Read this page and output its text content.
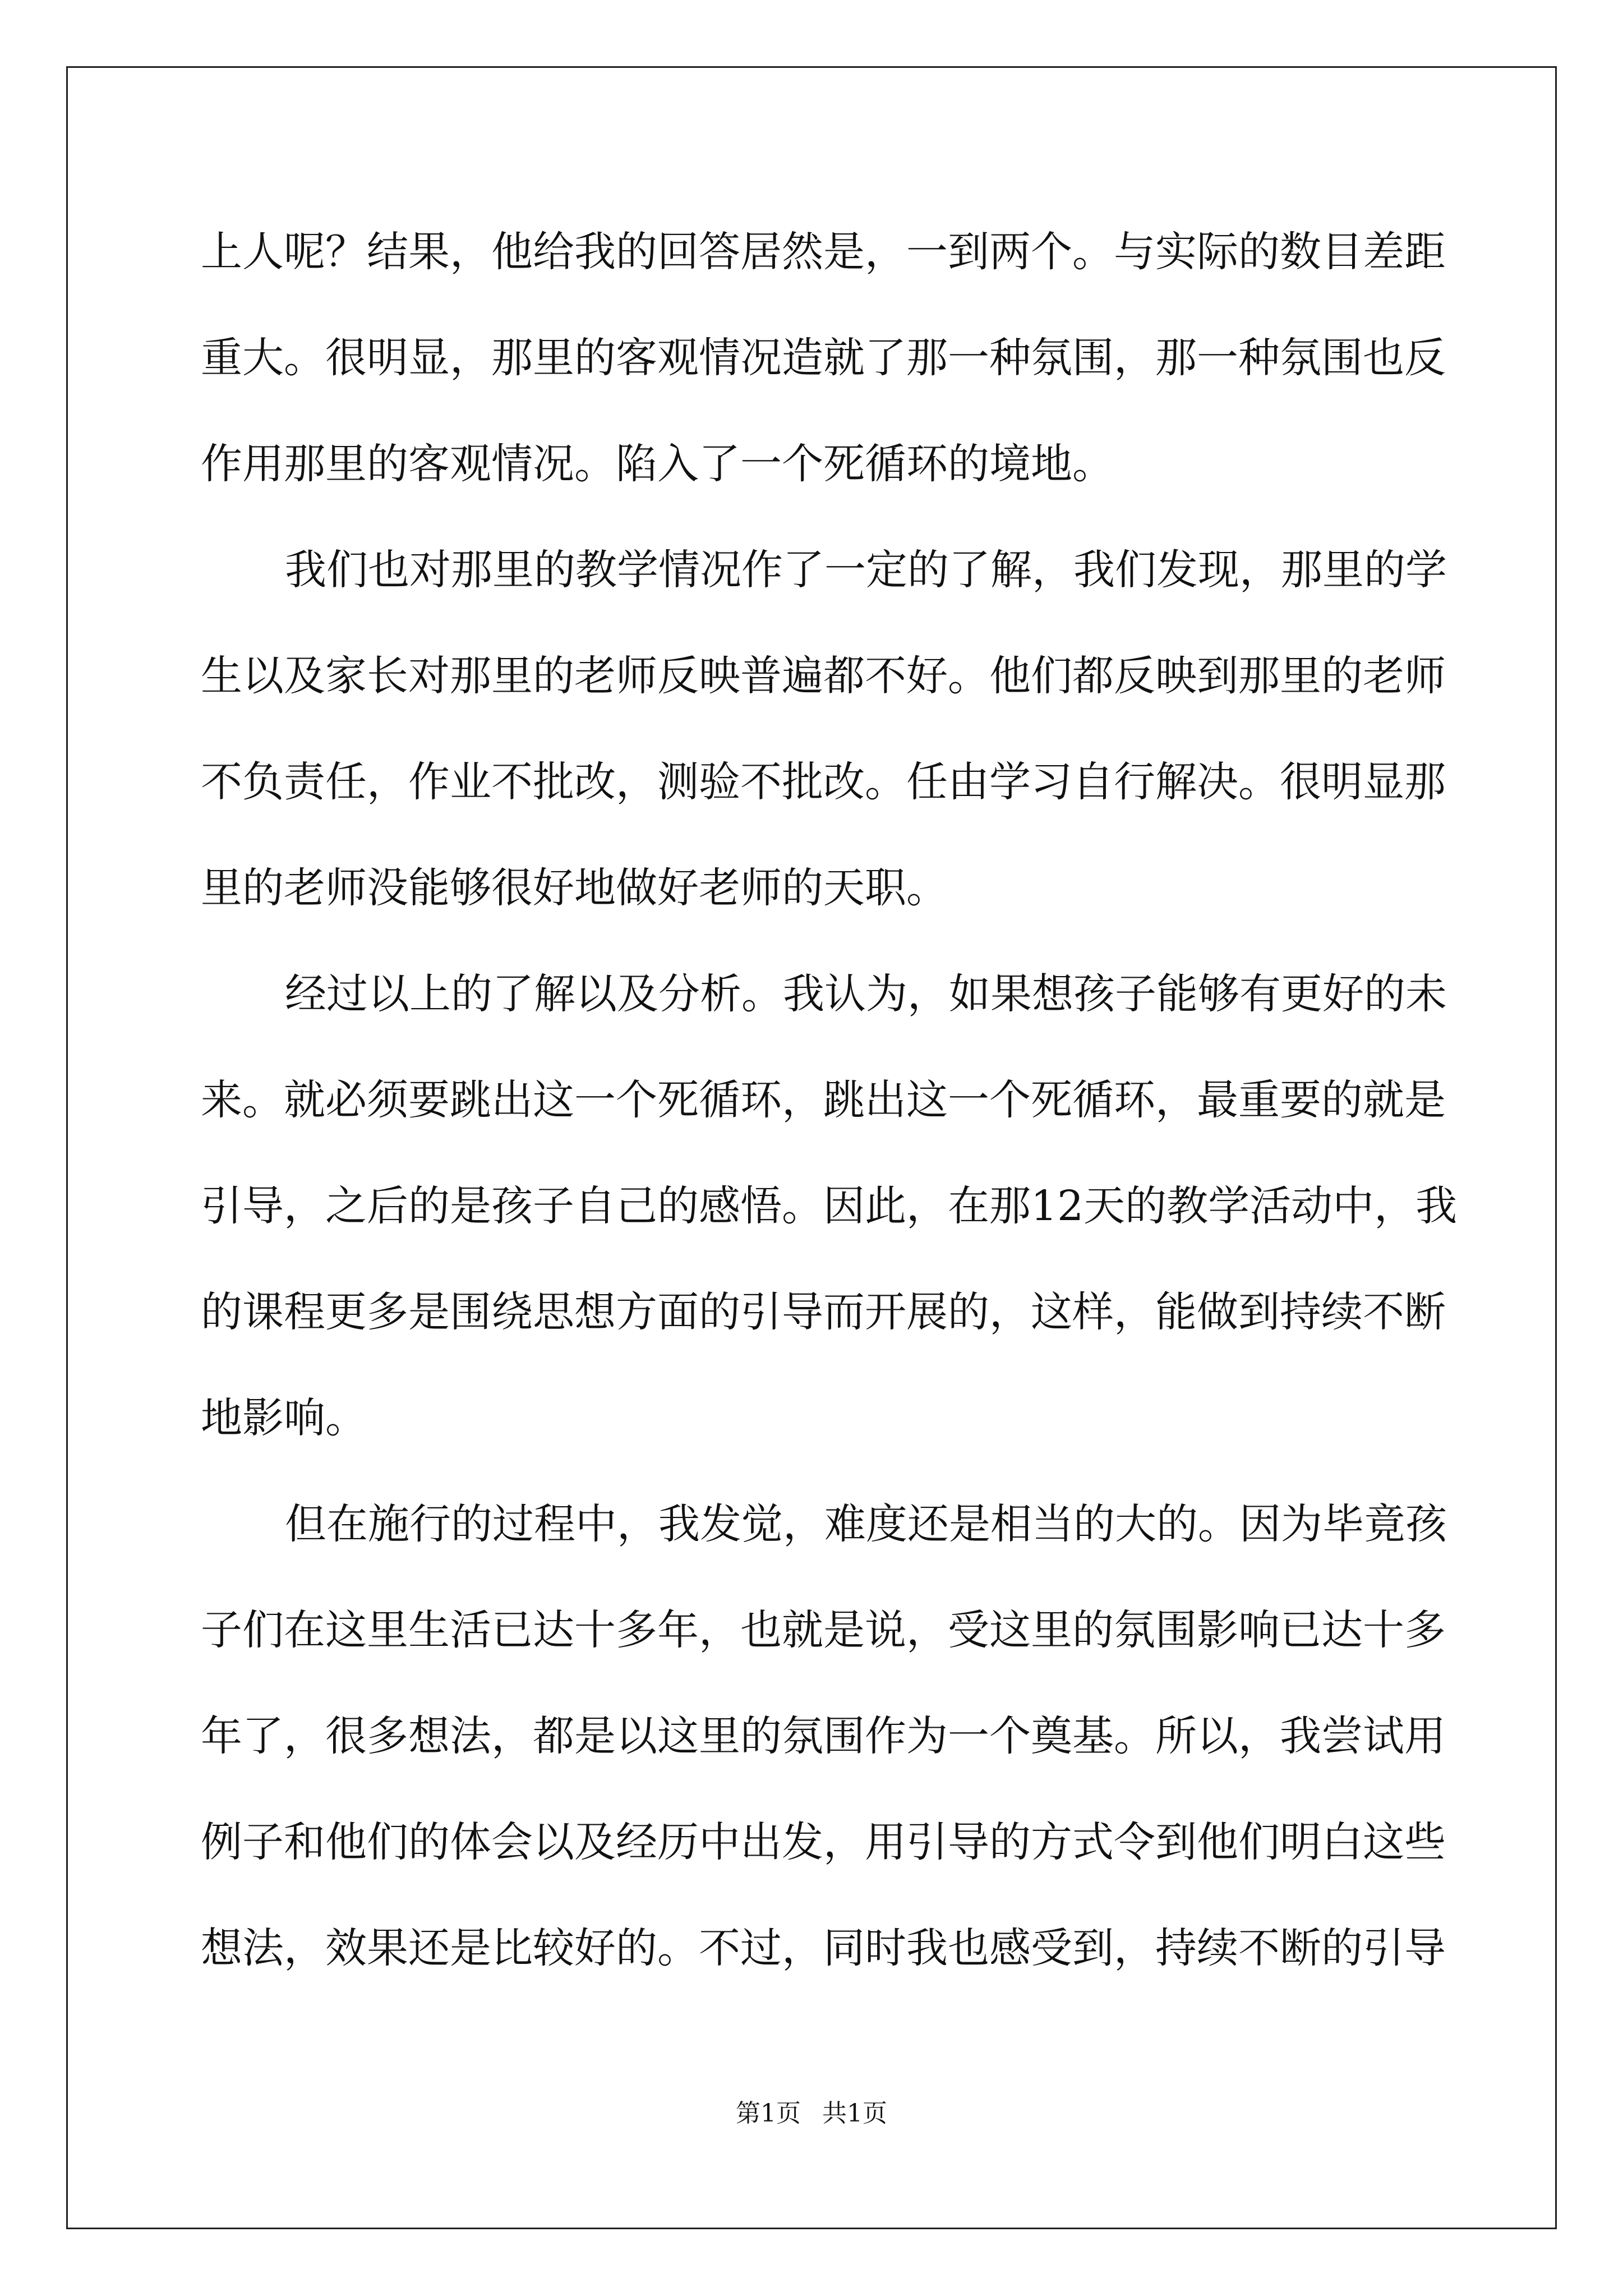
上 人 呢 ？ 结 果 ， 他 给 我 的 回 答 居 然 是 ， 一 到 两 个 。 与 实 际 的 数 目 差 距
重 大 。 很 明 显 ， 那 里 的 客 观 情 况 造 就 了 那 一 种 氛 围 ， 那 一 种 氛 围 也 反
作用那里的客观情况。陷入了一个死循环的境地。
我 们 也 对 那 里 的 教 学 情 况 作 了 一 定 的 了 解 ， 我 们 发 现 ， 那 里 的 学
生 以 及 家 长 对 那 里 的 老 师 反 映 普 遍 都 不 好 。 他 们 都 反 映 到 那 里 的 老 师
不 负 责 任 ， 作 业 不 批 改 ， 测 验 不 批 改 。 任 由 学 习 自 行 解 决 。 很 明 显 那
里的老师没能够很好地做好老师的天职。
经 过 以 上 的 了 解 以 及 分 析 。 我 认 为 ， 如 果 想 孩 子 能 够 有 更 好 的 未
来 。 就 必 须 要 跳 出 这 一 个 死 循 环 ， 跳 出 这 一 个 死 循 环 ， 最 重 要 的 就 是
引 导 ， 之 后 的 是 孩 子 自 己 的 感 悟 。 因 此 ， 在 那 12 天 的 教 学 活 动 中 ， 我
的 课 程 更 多 是 围 绕 思 想 方 面 的 引 导 而 开 展 的 ， 这 样 ， 能 做 到 持 续 不 断
地影响。
但 在 施 行 的 过 程 中 ， 我 发 觉 ， 难 度 还 是 相 当 的 大 的 。 因 为 毕 竟 孩
子 们 在 这 里 生 活 已 达 十 多 年 ， 也 就 是 说 ， 受 这 里 的 氛 围 影 响 已 达 十 多
年 了 ， 很 多 想 法 ， 都 是 以 这 里 的 氛 围 作 为 一 个 奠 基 。 所 以 ， 我 尝 试 用
例 子 和 他 们 的 体 会 以 及 经 历 中 出 发 ， 用 引 导 的 方 式 令 到 他 们 明 白 这 些
想 法 ， 效 果 还 是 比 较 好 的 。 不 过 ， 同 时 我 也 感 受 到 ， 持 续 不 断 的 引 导
第1页 共1页
